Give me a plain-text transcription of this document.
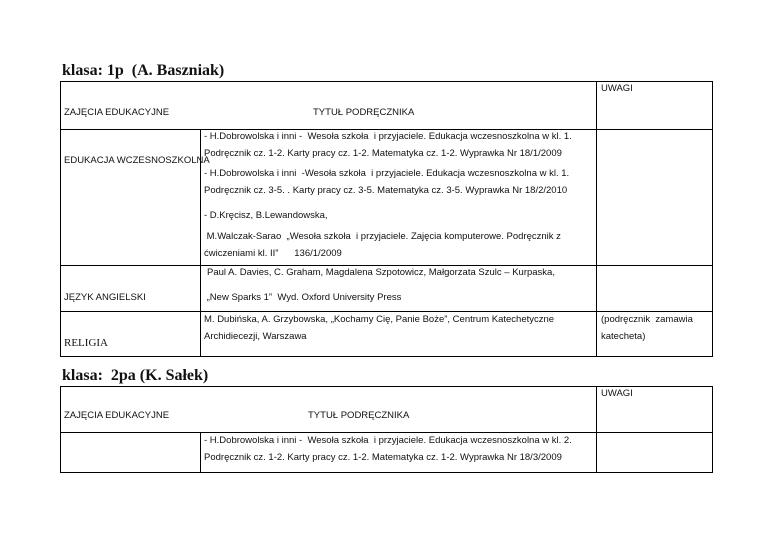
klasa: 1p  (A. Baszniak)
UWAGI
ZAJĘCIA EDUKACYJNE	TYTUŁ PODRĘCZNIKA
EDUKACJA WCZESNOSZKOLNA
- H.Dobrowolska i inni -  Wesoła szkoła  i przyjaciele. Edukacja wczesnoszkolna w kl. 1.
Podręcznik cz. 1-2. Karty pracy cz. 1-2. Matematyka cz. 1-2. Wyprawka Nr 18/1/2009
- H.Dobrowolska i inni  -Wesoła szkoła  i przyjaciele. Edukacja wczesnoszkolna w kl. 1.
Podręcznik cz. 3-5. . Karty pracy cz. 3-5. Matematyka cz. 3-5. Wyprawka Nr 18/2/2010
- D.Kręcisz, B.Lewandowska,
M.Walczak-Sarao  „Wesoła szkoła  i przyjaciele. Zajęcia komputerowe. Podręcznik z
ćwiczeniami kl. II”      136/1/2009
JĘZYK ANGIELSKI
Paul A. Davies, C. Graham, Magdalena Szpotowicz, Małgorzata Szulc – Kurpaska,
„New Sparks 1”  Wyd. Oxford University Press
RELIGIA
M. Dubińska, A. Grzybowska, „Kochamy Cię, Panie Boże”, Centrum Katechetyczne
Archidiecezji, Warszawa
(podręcznik  zamawia
katecheta)
klasa:  2pa (K. Sałek)
UWAGI
ZAJĘCIA EDUKACYJNE	TYTUŁ PODRĘCZNIKA
- H.Dobrowolska i inni -  Wesoła szkoła  i przyjaciele. Edukacja wczesnoszkolna w kl. 2.
Podręcznik cz. 1-2. Karty pracy cz. 1-2. Matematyka cz. 1-2. Wyprawka Nr 18/3/2009
